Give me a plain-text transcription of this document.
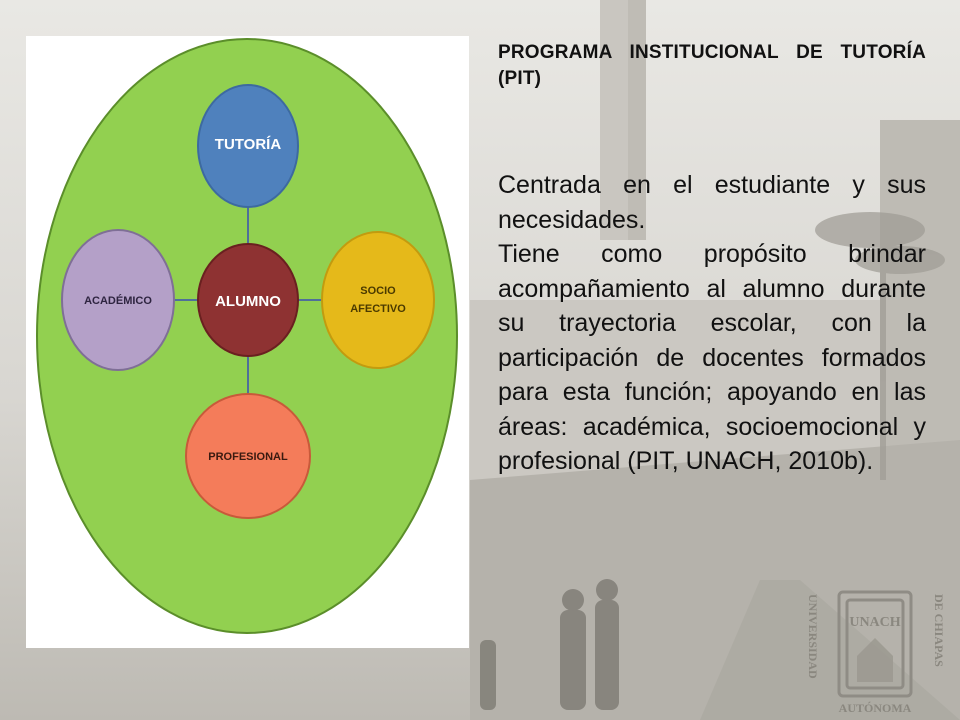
TUTORÍA
ACADÉMICO
SOCIO
AFECTIVO
PROFESIONAL
ALUMNO
PROGRAMA INSTITUCIONAL DE TUTORÍA (PIT)

Centrada en el estudiante y sus necesidades.

Tiene como propósito brindar acompañamiento al alumno durante su trayectoria escolar, con la participación de docentes formados para esta función; apoyando en las áreas: académica, socioemocional y profesional (PIT, UNACH, 2010b).

UNACH
UNIVERSIDAD	DE CHIAPAS
AUTÓNOMA
